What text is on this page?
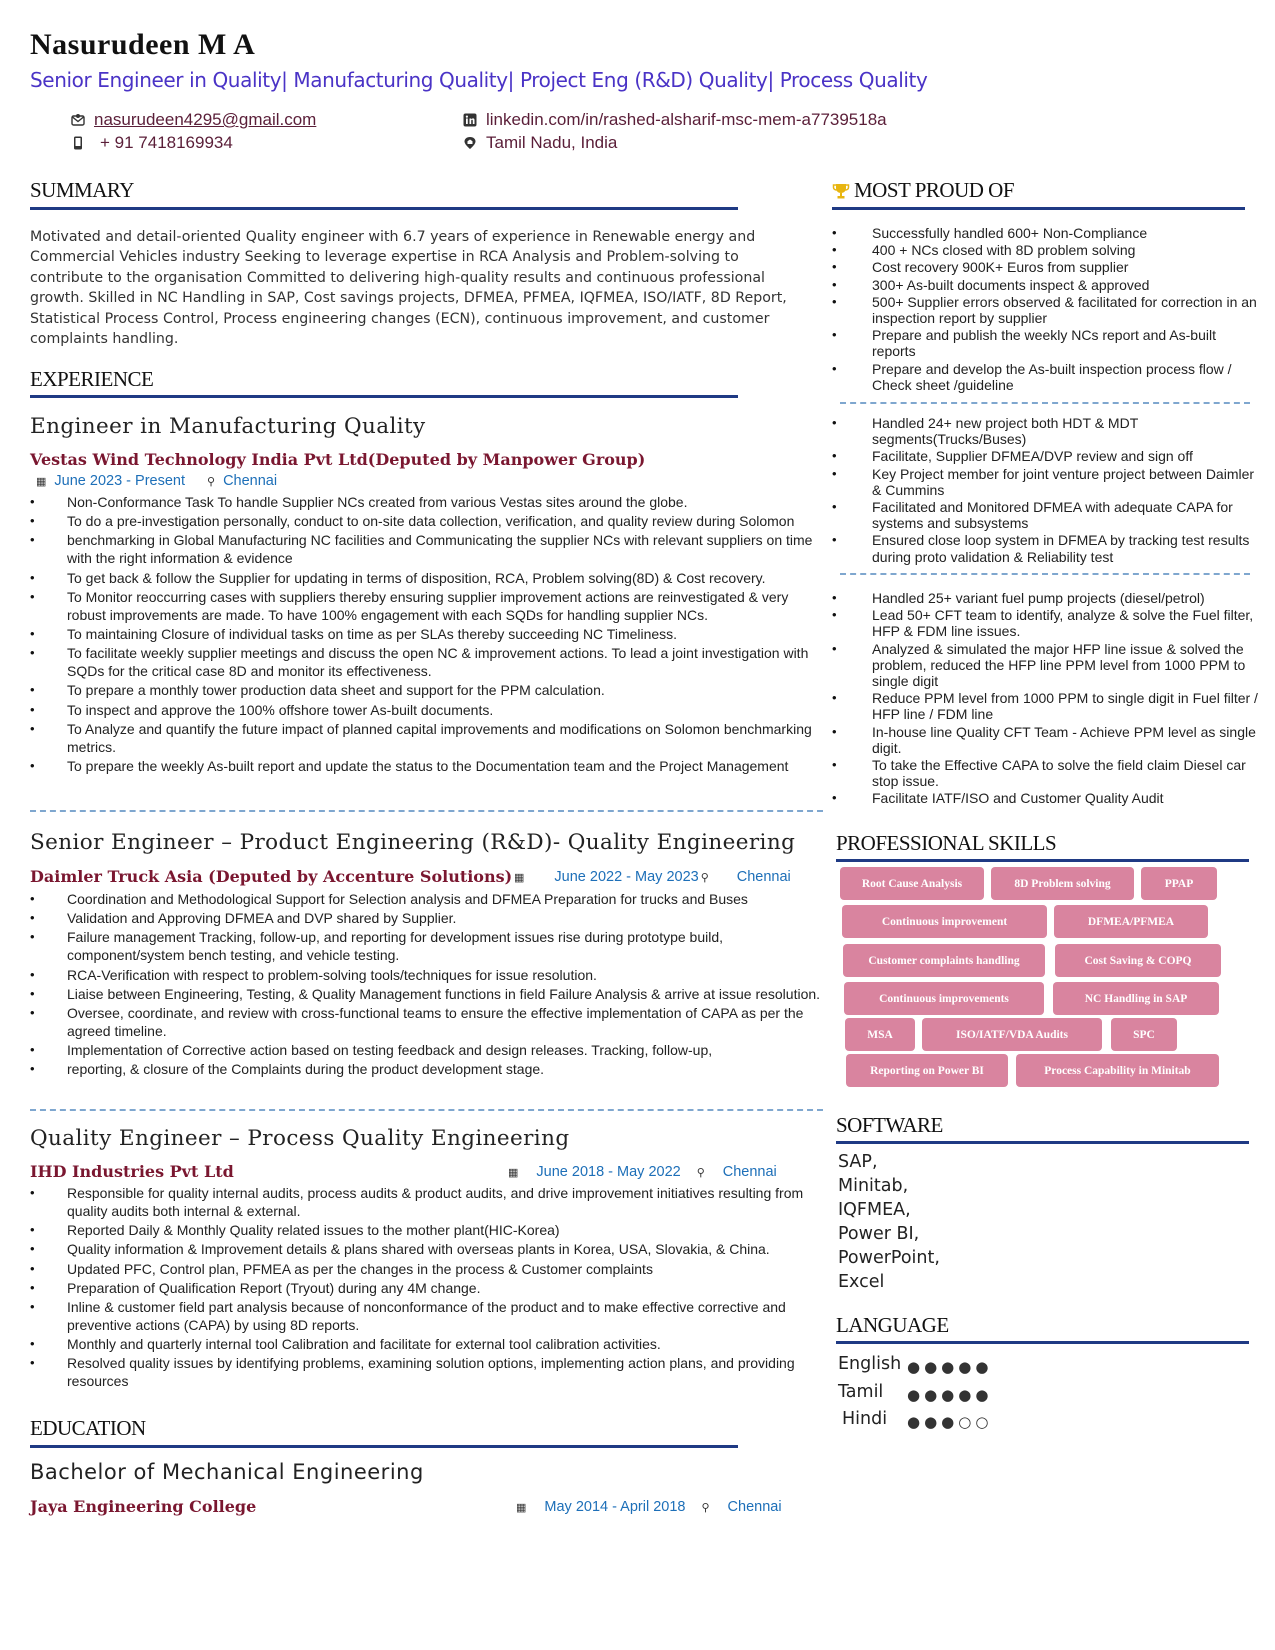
Nasurudeen M A
Senior Engineer in Quality| Manufacturing Quality| Project Eng (R&D) Quality| Process Quality
nasurudeen4295@gmail.com
+ 91 7418169934
linkedin.com/in/rashed-alsharif-msc-mem-a7739518a
Tamil Nadu, India
SUMMARY
Motivated and detail-oriented Quality engineer with 6.7 years of experience in Renewable energy and Commercial Vehicles industry Seeking to leverage expertise in RCA Analysis and Problem-solving to contribute to the organisation Committed to delivering high-quality results and continuous professional growth. Skilled in NC Handling in SAP, Cost savings projects, DFMEA, PFMEA, IQFMEA, ISO/IATF, 8D Report, Statistical Process Control, Process engineering changes (ECN), continuous improvement, and customer complaints handling.
EXPERIENCE
Engineer in Manufacturing Quality
Vestas Wind Technology India Pvt Ltd(Deputed by Manpower Group)
▦ June 2023 - Present ⚲ Chennai
• Non-Conformance Task To handle Supplier NCs created from various Vestas sites around the globe.
• To do a pre-investigation personally, conduct to on-site data collection, verification, and quality review during Solomon
• benchmarking in Global Manufacturing NC facilities and Communicating the supplier NCs with relevant suppliers on time with the right information & evidence
• To get back & follow the Supplier for updating in terms of disposition, RCA, Problem solving(8D) & Cost recovery.
• To Monitor reoccurring cases with suppliers thereby ensuring supplier improvement actions are reinvestigated & very robust improvements are made. To have 100% engagement with each SQDs for handling supplier NCs.
• To maintaining Closure of individual tasks on time as per SLAs thereby succeeding NC Timeliness.
• To facilitate weekly supplier meetings and discuss the open NC & improvement actions. To lead a joint investigation with SQDs for the critical case 8D and monitor its effectiveness.
• To prepare a monthly tower production data sheet and support for the PPM calculation.
• To inspect and approve the 100% offshore tower As-built documents.
• To Analyze and quantify the future impact of planned capital improvements and modifications on Solomon benchmarking metrics.
• To prepare the weekly As-built report and update the status to the Documentation team and the Project Management
Senior Engineer – Product Engineering (R&D)- Quality Engineering
Daimler Truck Asia (Deputed by Accenture Solutions) ▦ June 2022 - May 2023 ⚲ Chennai
• Coordination and Methodological Support for Selection analysis and DFMEA Preparation for trucks and Buses
• Validation and Approving DFMEA and DVP shared by Supplier.
• Failure management Tracking, follow-up, and reporting for development issues rise during prototype build, component/system bench testing, and vehicle testing.
• RCA-Verification with respect to problem-solving tools/techniques for issue resolution.
• Liaise between Engineering, Testing, & Quality Management functions in field Failure Analysis & arrive at issue resolution.
• Oversee, coordinate, and review with cross-functional teams to ensure the effective implementation of CAPA as per the agreed timeline.
• Implementation of Corrective action based on testing feedback and design releases. Tracking, follow-up,
• reporting, & closure of the Complaints during the product development stage.
Quality Engineer – Process Quality Engineering
IHD Industries Pvt Ltd	▦ June 2018 - May 2022 ⚲ Chennai
• Responsible for quality internal audits, process audits & product audits, and drive improvement initiatives resulting from quality audits both internal & external.
• Reported Daily & Monthly Quality related issues to the mother plant(HIC-Korea)
• Quality information & Improvement details & plans shared with overseas plants in Korea, USA, Slovakia, & China.
• Updated PFC, Control plan, PFMEA as per the changes in the process & Customer complaints
• Preparation of Qualification Report (Tryout) during any 4M change.
• Inline & customer field part analysis because of nonconformance of the product and to make effective corrective and preventive actions (CAPA) by using 8D reports.
• Monthly and quarterly internal tool Calibration and facilitate for external tool calibration activities.
• Resolved quality issues by identifying problems, examining solution options, implementing action plans, and providing resources
EDUCATION
Bachelor of Mechanical Engineering
Jaya Engineering College	▦ May 2014 - April 2018 ⚲ Chennai
MOST PROUD OF
• Successfully handled 600+ Non-Compliance
• 400 + NCs closed with 8D problem solving
• Cost recovery 900K+ Euros from supplier
• 300+ As-built documents inspect & approved
• 500+ Supplier errors observed & facilitated for correction in an inspection report by supplier
• Prepare and publish the weekly NCs report and As-built reports
• Prepare and develop the As-built inspection process flow / Check sheet /guideline
• Handled 24+ new project both HDT & MDT segments(Trucks/Buses)
• Facilitate, Supplier DFMEA/DVP review and sign off
• Key Project member for joint venture project between Daimler & Cummins
• Facilitated and Monitored DFMEA with adequate CAPA for systems and subsystems
• Ensured close loop system in DFMEA by tracking test results during proto validation & Reliability test
• Handled 25+ variant fuel pump projects (diesel/petrol)
• Lead 50+ CFT team to identify, analyze & solve the Fuel filter, HFP & FDM line issues.
• Analyzed & simulated the major HFP line issue & solved the problem, reduced the HFP line PPM level from 1000 PPM to single digit
• Reduce PPM level from 1000 PPM to single digit in Fuel filter / HFP line / FDM line
• In-house line Quality CFT Team - Achieve PPM level as single digit.
• To take the Effective CAPA to solve the field claim Diesel car stop issue.
• Facilitate IATF/ISO and Customer Quality Audit
PROFESSIONAL SKILLS
Root Cause Analysis	8D Problem solving	PPAP
Continuous improvement	DFMEA/PFMEA
Customer complaints handling	Cost Saving & COPQ
Continuous improvements	NC Handling in SAP
MSA	ISO/IATF/VDA Audits	SPC
Reporting on Power BI	Process Capability in Minitab
SOFTWARE
SAP,
Minitab,
IQFMEA,
Power BI,
PowerPoint,
Excel
LANGUAGE
English ●●●●●
Tamil ●●●●●
Hindi ●●●○○
